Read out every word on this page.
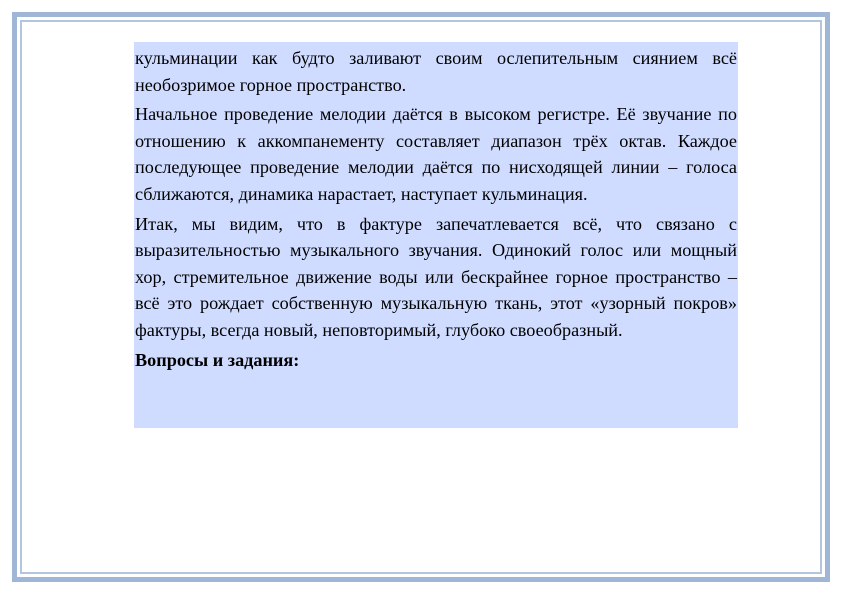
кульминации как будто заливают своим ослепительным сиянием всё необозримое горное пространство.

Начальное проведение мелодии даётся в высоком регистре. Её звучание по отношению к аккомпанементу составляет диапазон трёх октав. Каждое последующее проведение мелодии даётся по нисходящей линии – голоса сближаются, динамика нарастает, наступает кульминация.

Итак, мы видим, что в фактуре запечатлевается всё, что связано с выразительностью музыкального звучания. Одинокий голос или мощный хор, стремительное движение воды или бескрайнее горное пространство – всё это рождает собственную музыкальную ткань, этот «узорный покров» фактуры, всегда новый, неповторимый, глубоко своеобразный.

Вопросы и задания:
